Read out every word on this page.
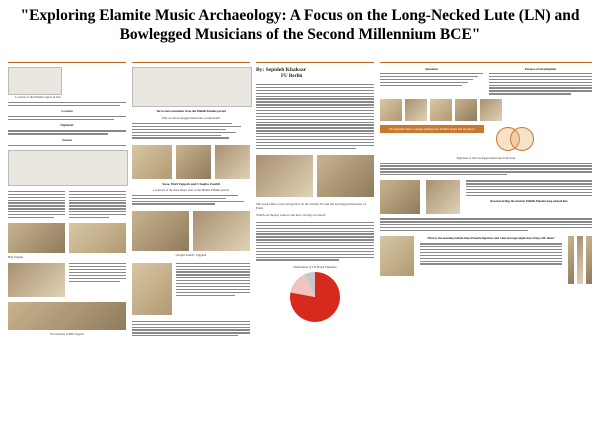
"Exploring Elamite Music Archaeology: A Focus on the Long-Necked Lute (LN) and Bowlegged Musicians of the Second Millennium BCE"
Location of the Elamite region in Iran
Location
Highlands
Susiana
Haft Tappeh
Excavations at Haft Tappeh
Terra-cotta musicians from the Middle Elamite period
Why are the bowlegged musicians so important?
Susa, Haft Tappeh and Chogha Zanbil
Locations of the three major sites of the Middle Elamite period
Chogha Zanbil • Ziggurat
By: Sepideh Khaksar
FU Berlin
The work offers a new perspective on the ancient LN and the bowlegged musicians of Elam.
Which are the key sources and how can they be dated?
Distribution of LN Player Figurines
Questions	Purpose of Investigation
The figurines allow a unique glimpse into Elamite music and its players
Figurines of the bowlegged musicians from Susa
Reconstructing the Ancient Middle Elamite long-necked lute
What is the meaning behind these Elamite figurines and what message might they bring with them?
